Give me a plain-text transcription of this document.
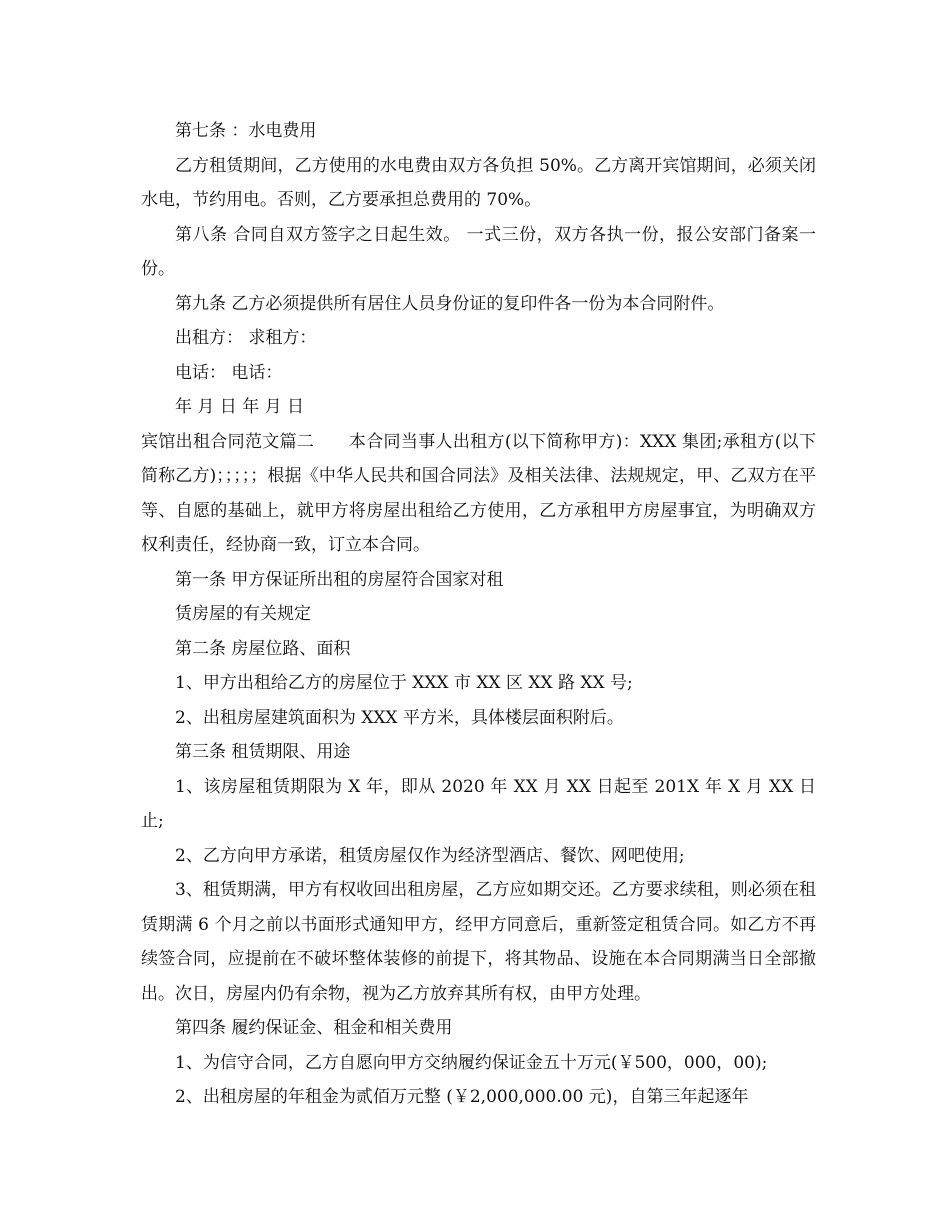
第七条 ：水电费用

乙方租赁期间，乙方使用的水电费由双方各负担 50%。乙方离开宾馆期间，必须关闭水电，节约用电。否则，乙方要承担总费用的 70%。

第八条 合同自双方签字之日起生效。 一式三份，双方各执一份，报公安部门备案一份。

第九条 乙方必须提供所有居住人员身份证的复印件各一份为本合同附件。

出租方： 求租方：

电话： 电话：

年 月 日 年 月 日

宾馆出租合同范文篇二　　本合同当事人出租方(以下简称甲方)：XXX 集团;承租方(以下简称乙方)；；；；；根据《中华人民共和国合同法》及相关法律、法规规定，甲、乙双方在平等、自愿的基础上，就甲方将房屋出租给乙方使用，乙方承租甲方房屋事宜，为明确双方权利责任，经协商一致，订立本合同。

第一条 甲方保证所出租的房屋符合国家对租

赁房屋的有关规定

第二条 房屋位路、面积

1、甲方出租给乙方的房屋位于 XXX 市 XX 区 XX 路 XX 号;

2、出租房屋建筑面积为 XXX 平方米，具体楼层面积附后。

第三条 租赁期限、用途

1、该房屋租赁期限为 X 年，即从 2020 年 XX 月 XX 日起至 201X 年 X 月 XX 日止;

2、乙方向甲方承诺，租赁房屋仅作为经济型酒店、餐饮、网吧使用;

3、租赁期满，甲方有权收回出租房屋，乙方应如期交还。乙方要求续租，则必须在租赁期满 6 个月之前以书面形式通知甲方，经甲方同意后，重新签定租赁合同。如乙方不再续签合同，应提前在不破坏整体装修的前提下，将其物品、设施在本合同期满当日全部撤出。次日，房屋内仍有余物，视为乙方放弃其所有权，由甲方处理。

第四条 履约保证金、租金和相关费用

1、为信守合同，乙方自愿向甲方交纳履约保证金五十万元(￥500，000，00);

2、出租房屋的年租金为贰佰万元整 (￥2,000,000.00 元)，自第三年起逐年
